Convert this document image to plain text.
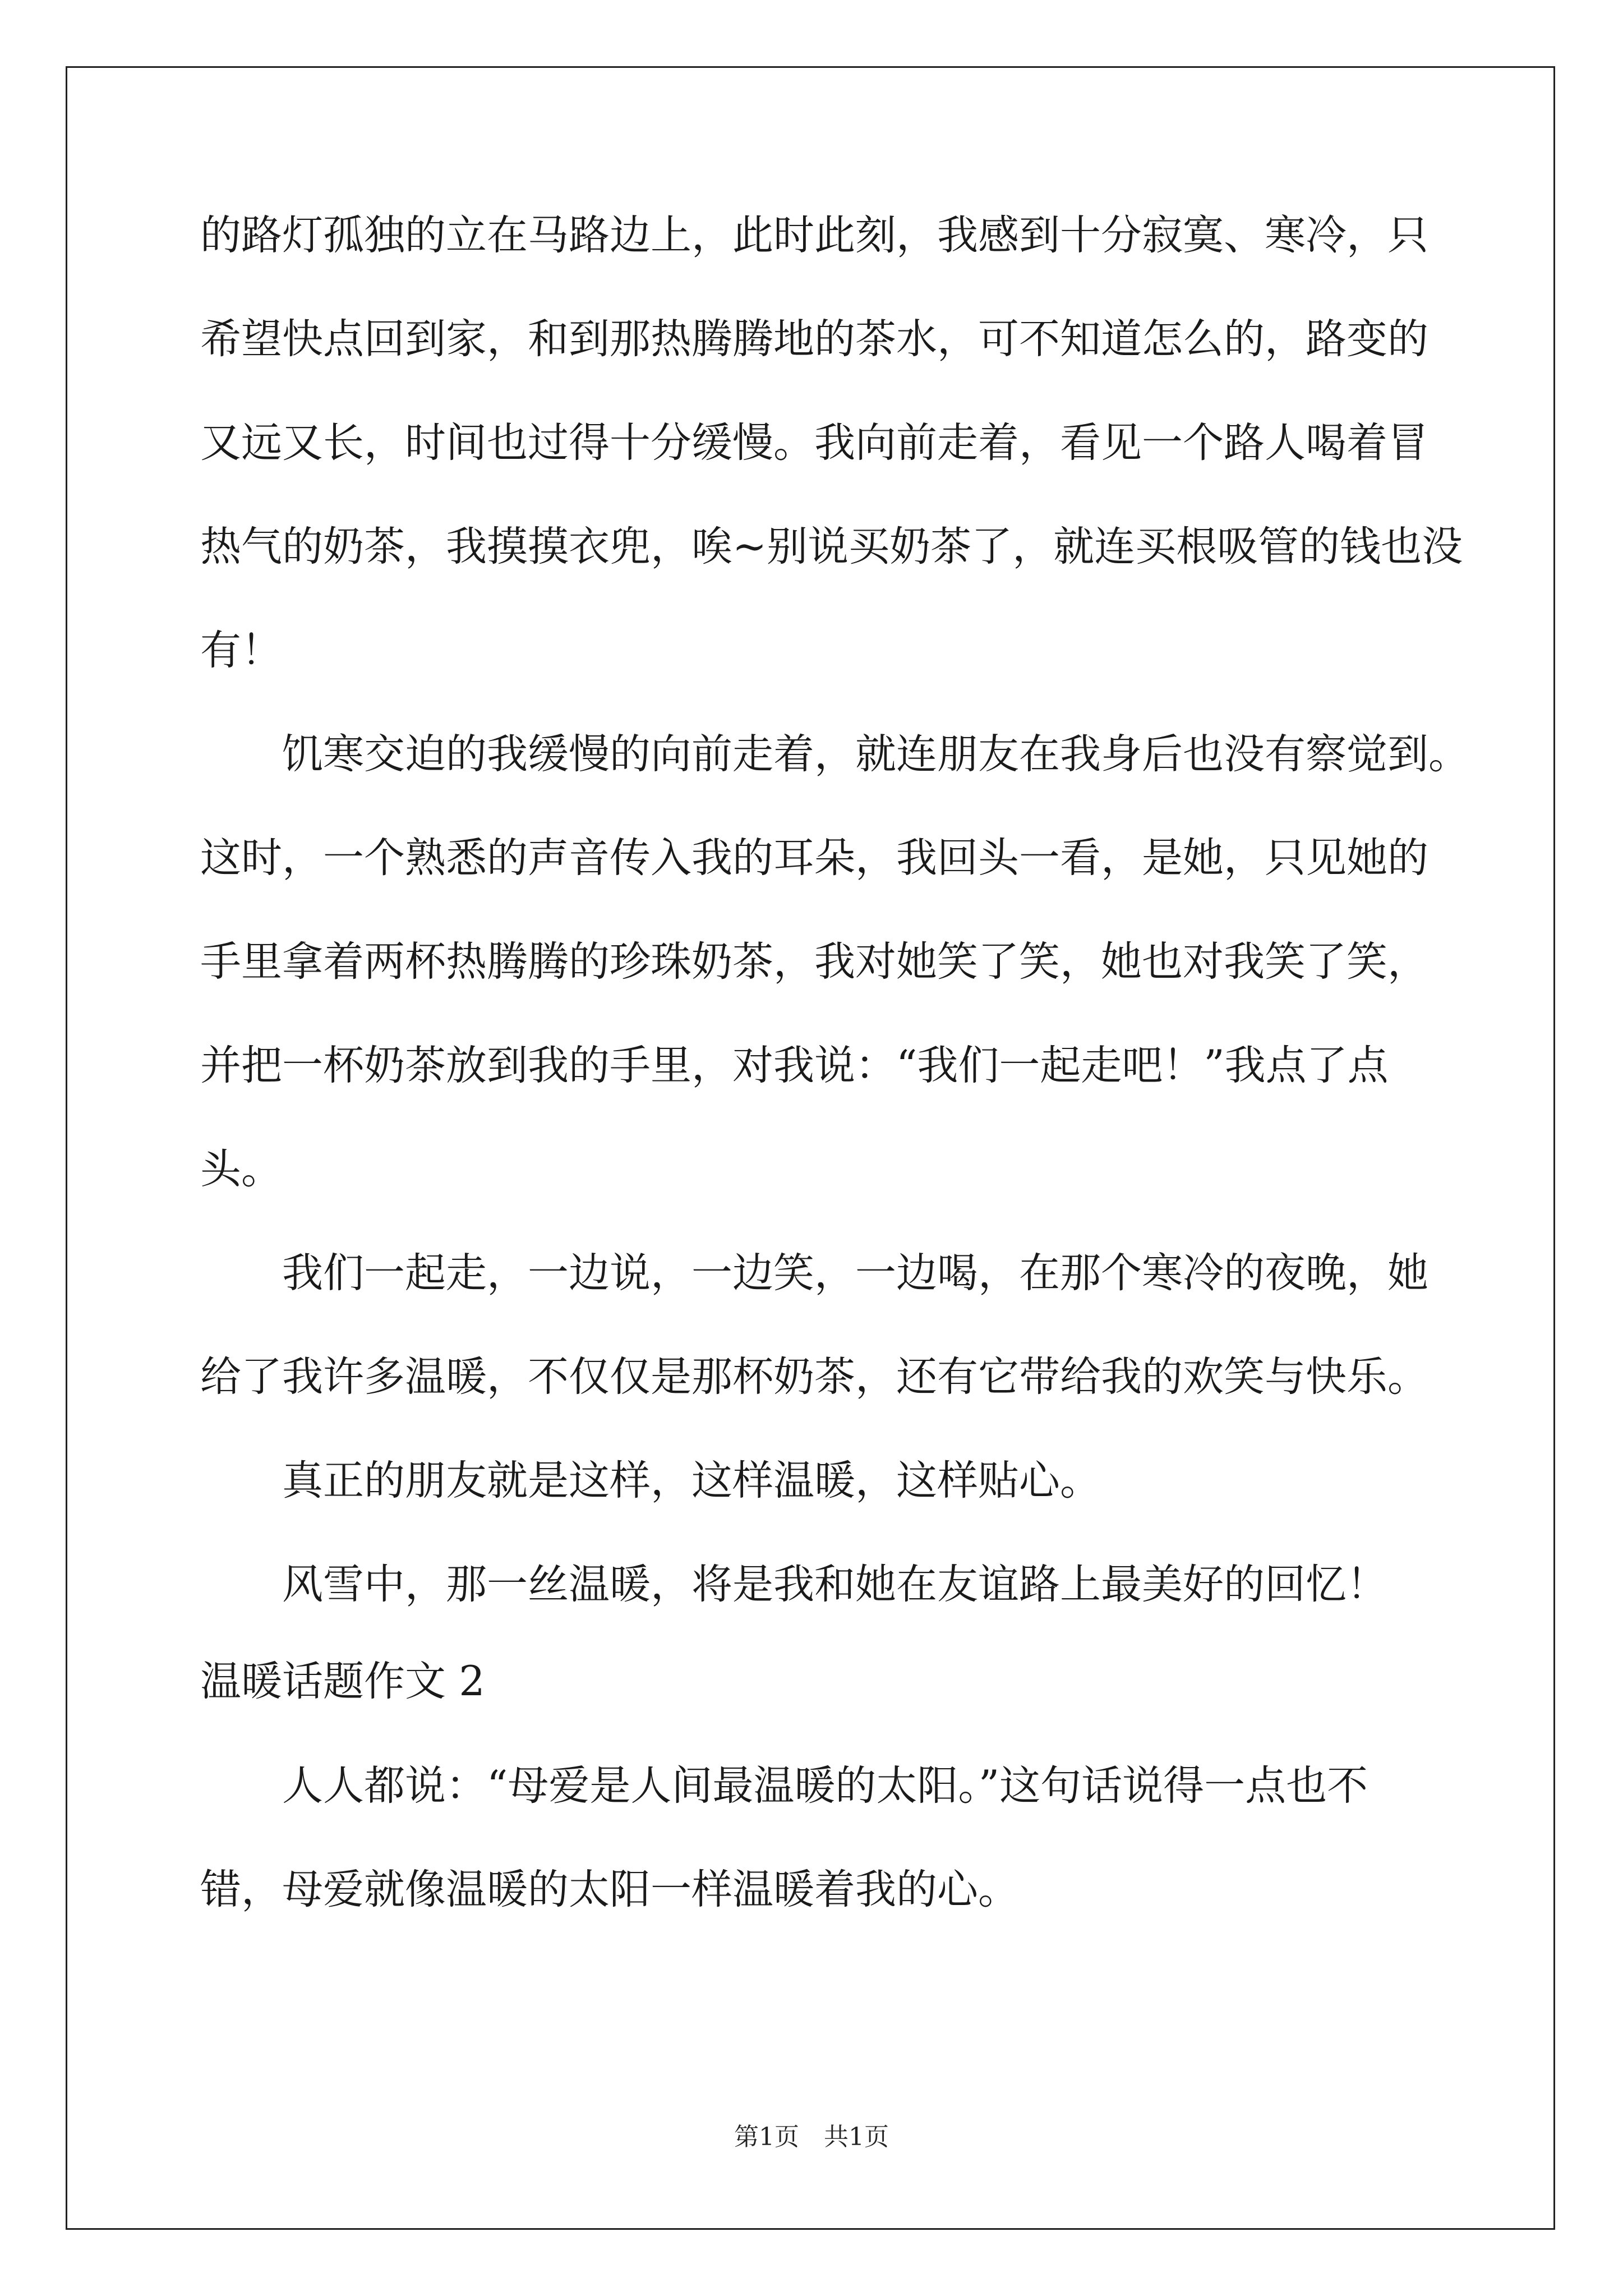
的路灯孤独的立在马路边上，此时此刻，我感到十分寂寞、寒冷，只
希望快点回到家，和到那热腾腾地的茶水，可不知道怎么的，路变的
又远又长，时间也过得十分缓慢。我向前走着，看见一个路人喝着冒
热气的奶茶，我摸摸衣兜，唉~别说买奶茶了，就连买根吸管的钱也没
有！
饥寒交迫的我缓慢的向前走着，就连朋友在我身后也没有察觉到。
这时，一个熟悉的声音传入我的耳朵，我回头一看，是她，只见她的
手里拿着两杯热腾腾的珍珠奶茶，我对她笑了笑，她也对我笑了笑，
并把一杯奶茶放到我的手里，对我说：“我们一起走吧！”我点了点
头。
我们一起走，一边说，一边笑，一边喝，在那个寒冷的夜晚，她
给了我许多温暖，不仅仅是那杯奶茶，还有它带给我的欢笑与快乐。
真正的朋友就是这样，这样温暖，这样贴心。
风雪中，那一丝温暖，将是我和她在友谊路上最美好的回忆！
温暖话题作文 2
人人都说：“母爱是人间最温暖的太阳。”这句话说得一点也不
错，母爱就像温暖的太阳一样温暖着我的心。
第1页　共1页
